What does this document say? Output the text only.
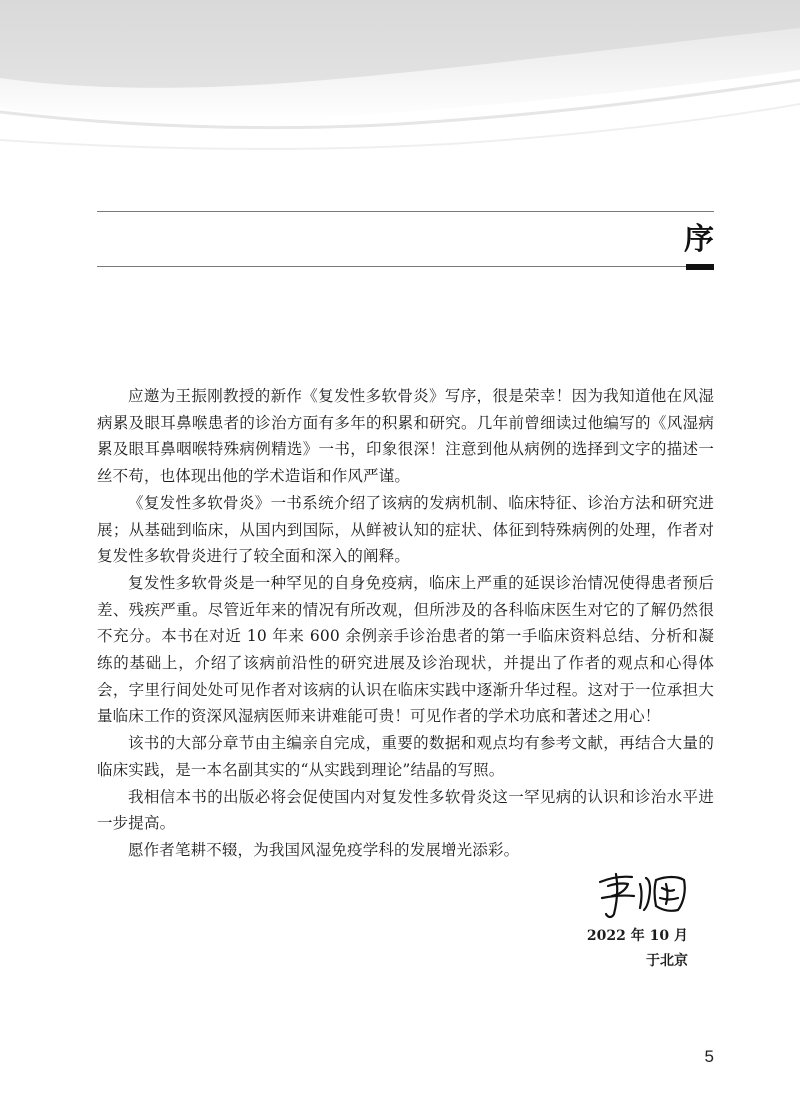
序

应邀为王振刚教授的新作《复发性多软骨炎》写序，很是荣幸！因为我知道他在风湿病累及眼耳鼻喉患者的诊治方面有多年的积累和研究。几年前曾细读过他编写的《风湿病累及眼耳鼻咽喉特殊病例精选》一书，印象很深！注意到他从病例的选择到文字的描述一丝不苟，也体现出他的学术造诣和作风严谨。

《复发性多软骨炎》一书系统介绍了该病的发病机制、临床特征、诊治方法和研究进展；从基础到临床，从国内到国际，从鲜被认知的症状、体征到特殊病例的处理，作者对复发性多软骨炎进行了较全面和深入的阐释。

复发性多软骨炎是一种罕见的自身免疫病，临床上严重的延误诊治情况使得患者预后差、残疾严重。尽管近年来的情况有所改观，但所涉及的各科临床医生对它的了解仍然很不充分。本书在对近 10 年来 600 余例亲手诊治患者的第一手临床资料总结、分析和凝练的基础上，介绍了该病前沿性的研究进展及诊治现状，并提出了作者的观点和心得体会，字里行间处处可见作者对该病的认识在临床实践中逐渐升华过程。这对于一位承担大量临床工作的资深风湿病医师来讲难能可贵！可见作者的学术功底和著述之用心！

该书的大部分章节由主编亲自完成，重要的数据和观点均有参考文献，再结合大量的临床实践，是一本名副其实的“从实践到理论”结晶的写照。

我相信本书的出版必将会促使国内对复发性多软骨炎这一罕见病的认识和诊治水平进一步提高。

愿作者笔耕不辍，为我国风湿免疫学科的发展增光添彩。

2022 年 10 月

于北京

5
